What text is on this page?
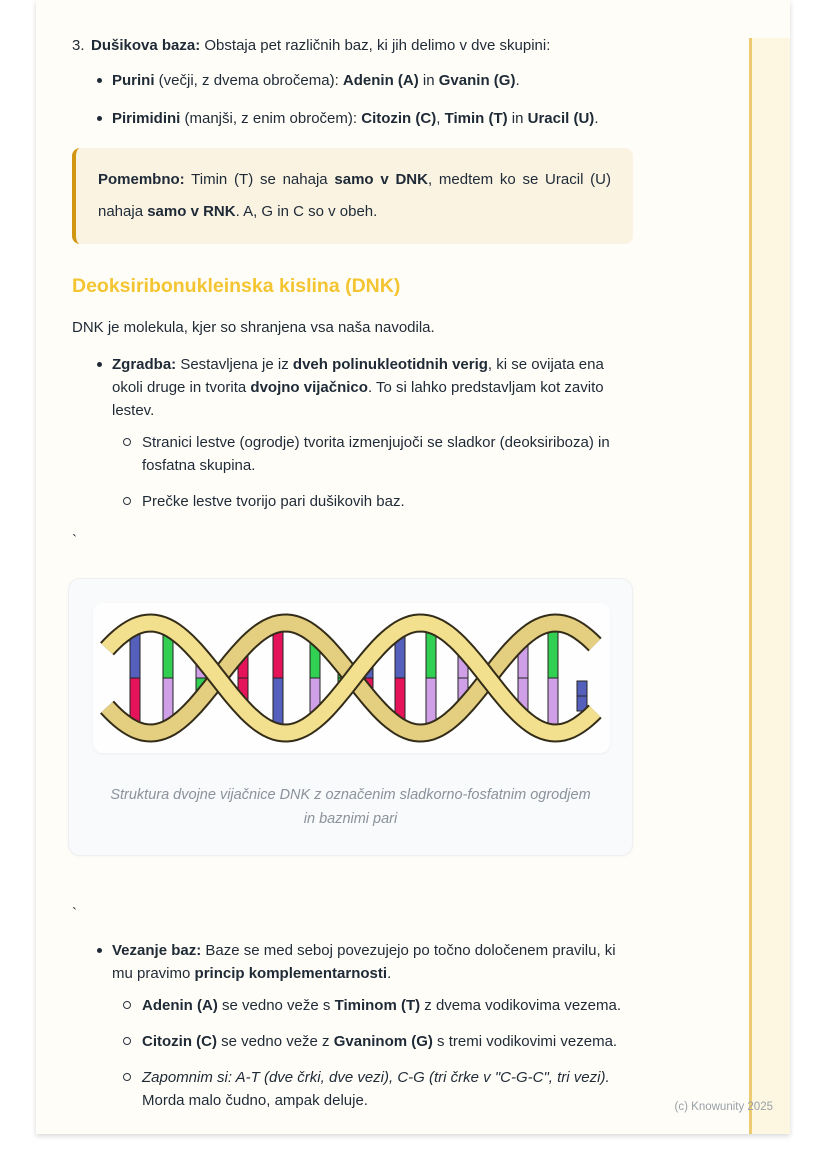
3. Dušikova baza: Obstaja pet različnih baz, ki jih delimo v dve skupini:
Purini (večji, z dvema obročema): Adenin (A) in Gvanin (G).
Pirimidini (manjši, z enim obročem): Citozin (C), Timin (T) in Uracil (U).
Pomembno: Timin (T) se nahaja samo v DNK, medtem ko se Uracil (U) nahaja samo v RNK. A, G in C so v obeh.
Deoksiribonukleinska kislina (DNK)

DNK je molekula, kjer so shranjena vsa naša navodila.

Zgradba: Sestavljena je iz dveh polinukleotidnih verig, ki se ovijata ena okoli druge in tvorita dvojno vijačnico. To si lahko predstavljam kot zavito lestev.
Stranici lestve (ogrodje) tvorita izmenjujoči se sladkor (deoksiriboza) in fosfatna skupina.
Prečke lestve tvorijo pari dušikovih baz.
`
Struktura dvojne vijačnice DNK z označenim sladkorno-fosfatnim ogrodjem in baznimi pari
`
Vezanje baz: Baze se med seboj povezujejo po točno določenem pravilu, ki mu pravimo princip komplementarnosti.
Adenin (A) se vedno veže s Timinom (T) z dvema vodikovima vezema.
Citozin (C) se vedno veže z Gvaninom (G) s tremi vodikovimi vezema.
Zapomnim si: A-T (dve črki, dve vezi), C-G (tri črke v "C-G-C", tri vezi). Morda malo čudno, ampak deluje.	(c) Knowunity 2025
